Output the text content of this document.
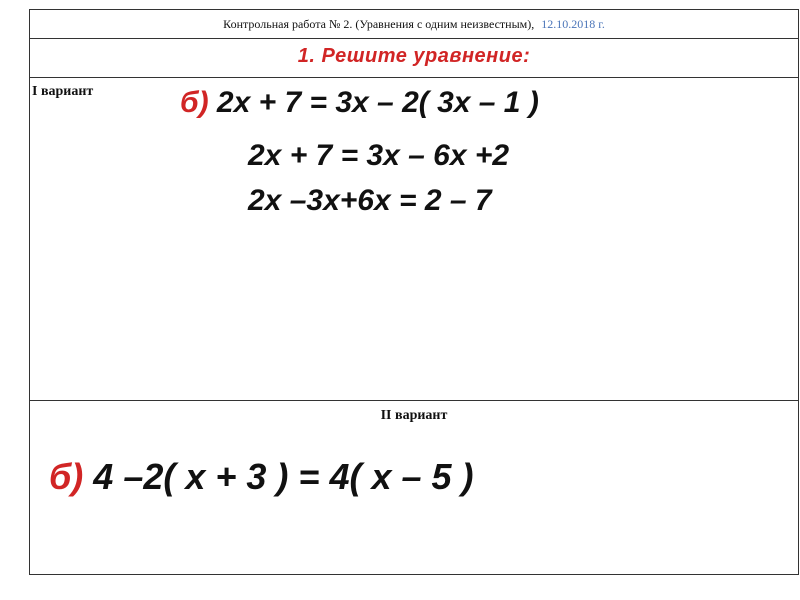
Контрольная работа № 2. (Уравнения с одним неизвестным), 12.10.2018 г.
1. Решите уравнение:
I вариант	б) 2x + 7 = 3x – 2( 3x – 1 )
2x + 7 = 3x – 6x +2
2x –3x+6x = 2 – 7
II вариант
б) 4 –2( x + 3 ) = 4( x – 5 )
